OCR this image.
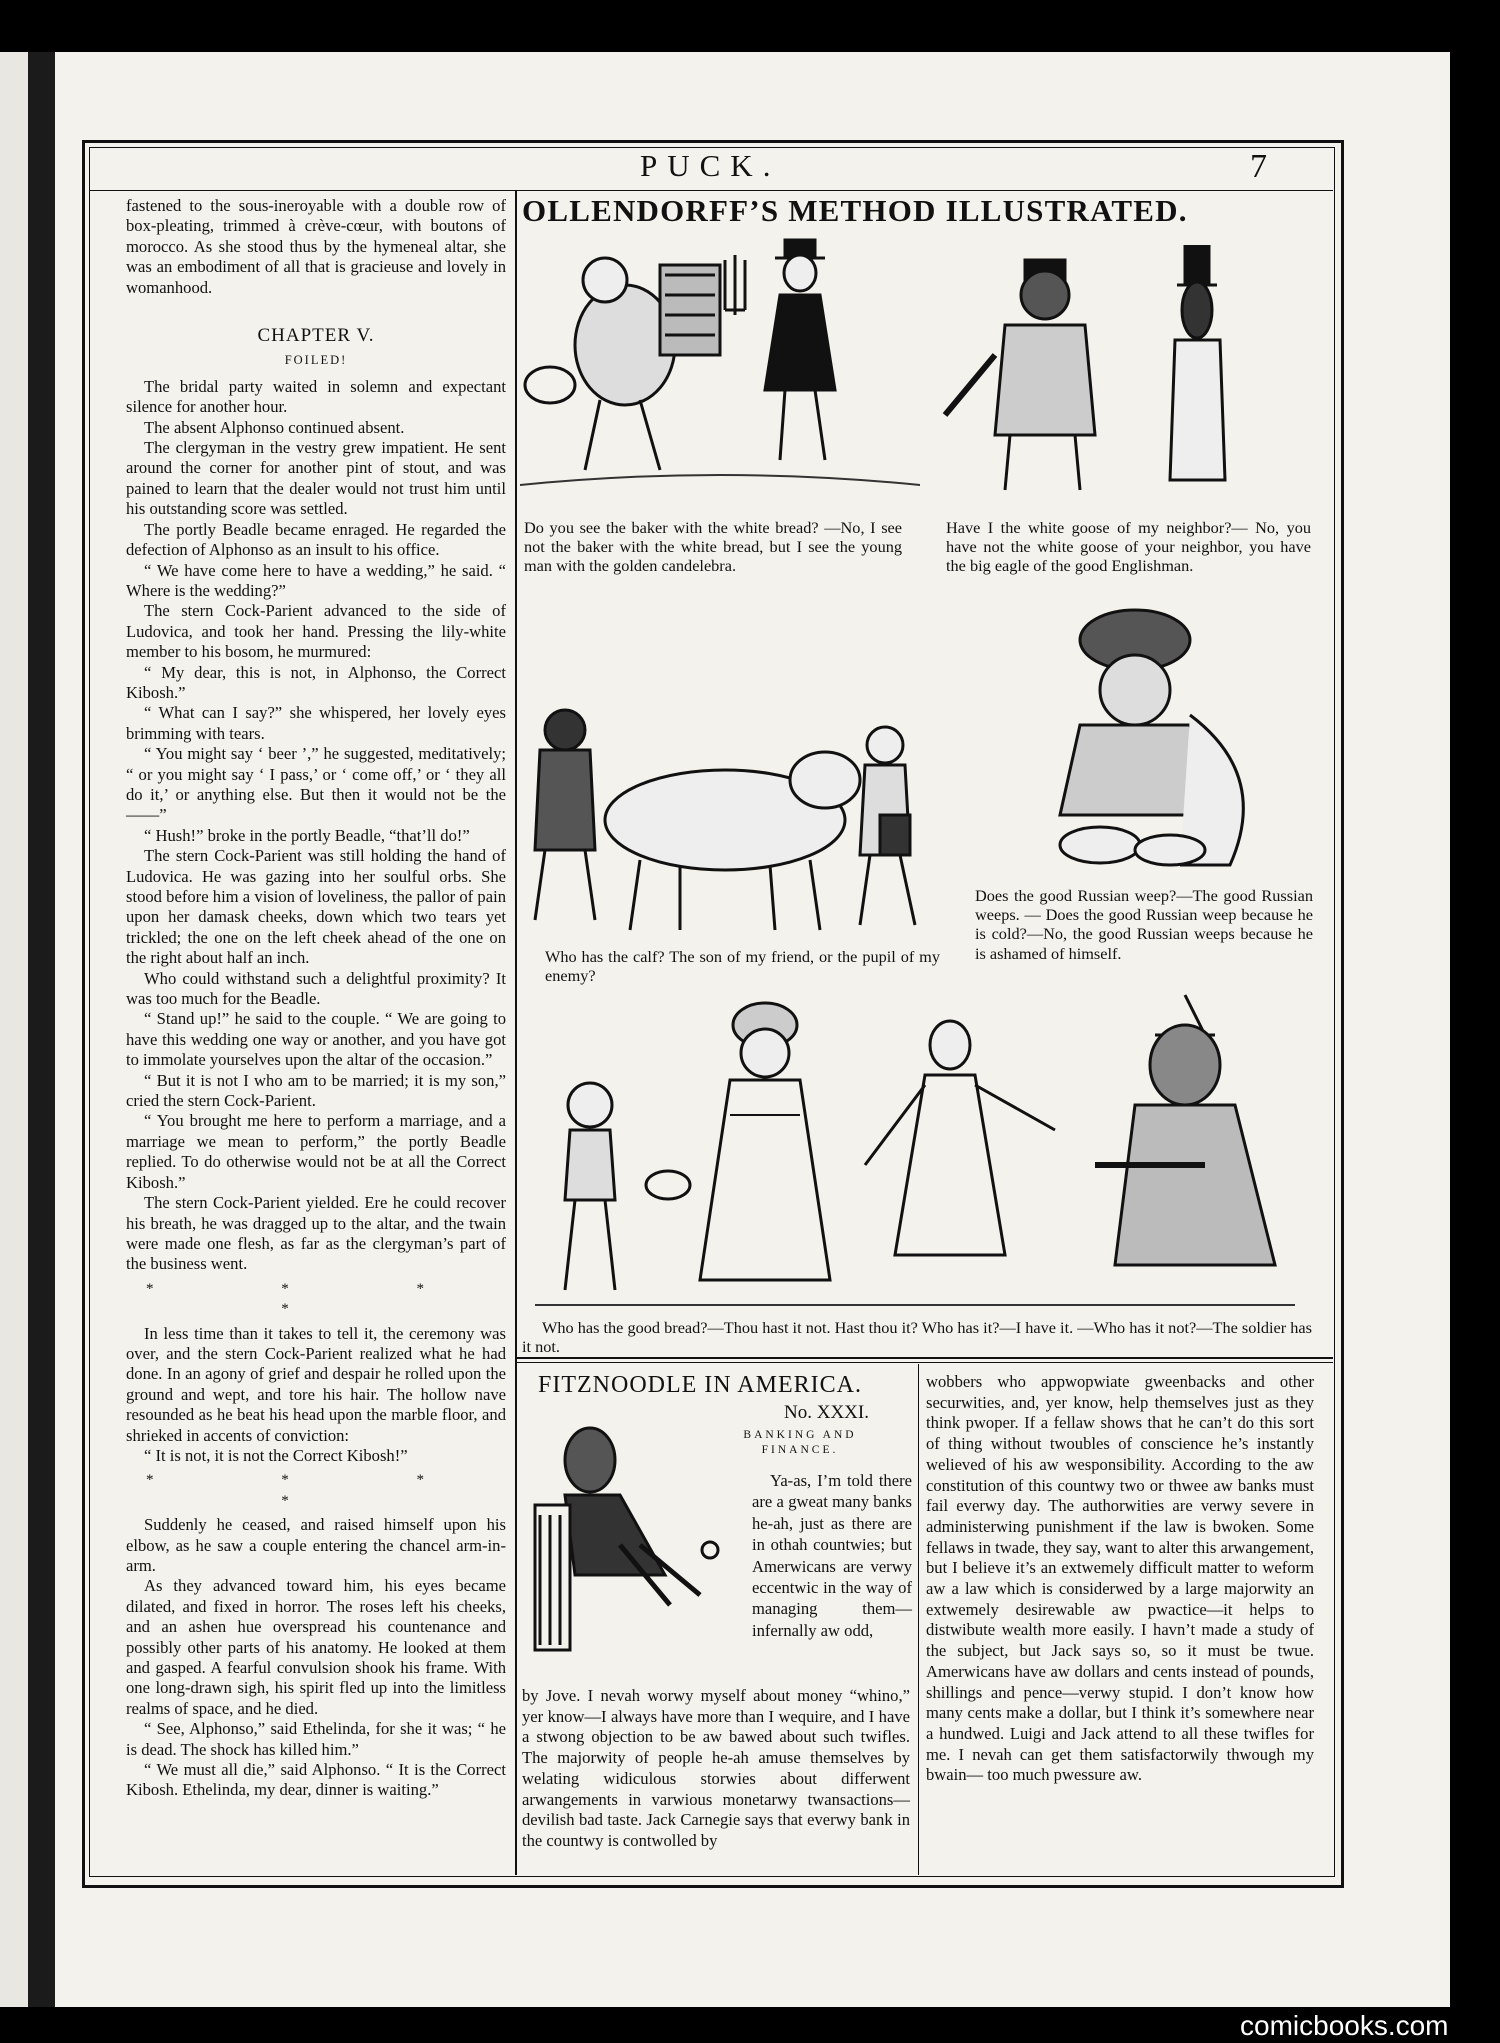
PUCK.	7

fastened to the sous-ineroyable with a double row of box-pleating, trimmed à crève-cœur, with boutons of morocco. As she stood thus by the hymeneal altar, she was an embodiment of all that is gracieuse and lovely in womanhood.

CHAPTER V.
FOILED!

The bridal party waited in solemn and expectant silence for another hour.

The absent Alphonso continued absent.

The clergyman in the vestry grew impatient. He sent around the corner for another pint of stout, and was pained to learn that the dealer would not trust him until his outstanding score was settled.

The portly Beadle became enraged. He regarded the defection of Alphonso as an insult to his office.

“ We have come here to have a wedding,” he said. “ Where is the wedding?”

The stern Cock-Parient advanced to the side of Ludovica, and took her hand. Pressing the lily-white member to his bosom, he murmured:

“ My dear, this is not, in Alphonso, the Correct Kibosh.”

“ What can I say?” she whispered, her lovely eyes brimming with tears.

“ You might say ‘ beer ’,” he suggested, meditatively; “ or you might say ‘ I pass,’ or ‘ come off,’ or ‘ they all do it,’ or anything else. But then it would not be the——”

“ Hush!” broke in the portly Beadle, “that’ll do!”

The stern Cock-Parient was still holding the hand of Ludovica. He was gazing into her soulful orbs. She stood before him a vision of loveliness, the pallor of pain upon her damask cheeks, down which two tears yet trickled; the one on the left cheek ahead of the one on the right about half an inch.

Who could withstand such a delightful proximity? It was too much for the Beadle.

“ Stand up!” he said to the couple. “ We are going to have this wedding one way or another, and you have got to immolate yourselves upon the altar of the occasion.”

“ But it is not I who am to be married; it is my son,” cried the stern Cock-Parient.

“ You brought me here to perform a marriage, and a marriage we mean to perform,” the portly Beadle replied. To do otherwise would not be at all the Correct Kibosh.”

The stern Cock-Parient yielded. Ere he could recover his breath, he was dragged up to the altar, and the twain were made one flesh, as far as the clergyman’s part of the business went.

* * * *

In less time than it takes to tell it, the ceremony was over, and the stern Cock-Parient realized what he had done. In an agony of grief and despair he rolled upon the ground and wept, and tore his hair. The hollow nave resounded as he beat his head upon the marble floor, and shrieked in accents of conviction:

“ It is not, it is not the Correct Kibosh!”

* * * *

Suddenly he ceased, and raised himself upon his elbow, as he saw a couple entering the chancel arm-in-arm.

As they advanced toward him, his eyes became dilated, and fixed in horror. The roses left his cheeks, and an ashen hue overspread his countenance and possibly other parts of his anatomy. He looked at them and gasped. A fearful convulsion shook his frame. With one long-drawn sigh, his spirit fled up into the limitless realms of space, and he died.

“ See, Alphonso,” said Ethelinda, for she it was; “ he is dead. The shock has killed him.”

“ We must all die,” said Alphonso. “ It is the Correct Kibosh. Ethelinda, my dear, dinner is waiting.”

OLLENDORFF’S METHOD ILLUSTRATED.

Do you see the baker with the white bread? —No, I see not the baker with the white bread, but I see the young man with the golden candelebra.

Have I the white goose of my neighbor?— No, you have not the white goose of your neighbor, you have the big eagle of the good Englishman.

Who has the calf? The son of my friend, or the pupil of my enemy?

Does the good Russian weep?—The good Russian weeps. — Does the good Russian weep because he is cold?—No, the good Russian weeps because he is ashamed of himself.

Who has the good bread?—Thou hast it not. Hast thou it? Who has it?—I have it. —Who has it not?—The soldier has it not.

FITZNOODLE IN AMERICA.
No. XXXI.
BANKING AND FINANCE.

Ya-as, I’m told there are a gweat many banks he-ah, just as there are in othah countwies; but Amerwicans are verwy eccentwic in the way of managing them—infernally aw odd,

by Jove. I nevah worwy myself about money “whino,” yer know—I always have more than I wequire, and I have a stwong objection to be aw bawed about such twifles. The majorwity of people he-ah amuse themselves by welating widiculous storwies about differwent arwangements in varwious monetarwy twansactions—devilish bad taste. Jack Carnegie says that everwy bank in the countwy is contwolled by

wobbers who appwopwiate gweenbacks and other securwities, and, yer know, help themselves just as they think pwoper. If a fellaw shows that he can’t do this sort of thing without twoubles of conscience he’s instantly welieved of his aw wesponsibility. According to the aw constitution of this countwy two or thwee aw banks must fail everwy day. The authorwities are verwy severe in administerwing punishment if the law is bwoken. Some fellaws in twade, they say, want to alter this arwangement, but I believe it’s an extwemely difficult matter to weform aw a law which is considerwed by a large majorwity an extwemely desirewable aw pwactice—it helps to distwibute wealth more easily. I havn’t made a study of the subject, but Jack says so, so it must be twue. Amerwicans have aw dollars and cents instead of pounds, shillings and pence—verwy stupid. I don’t know how many cents make a dollar, but I think it’s somewhere near a hundwed. Luigi and Jack attend to all these twifles for me. I nevah can get them satisfactorwily thwough my bwain— too much pwessure aw.

comicbooks.com
